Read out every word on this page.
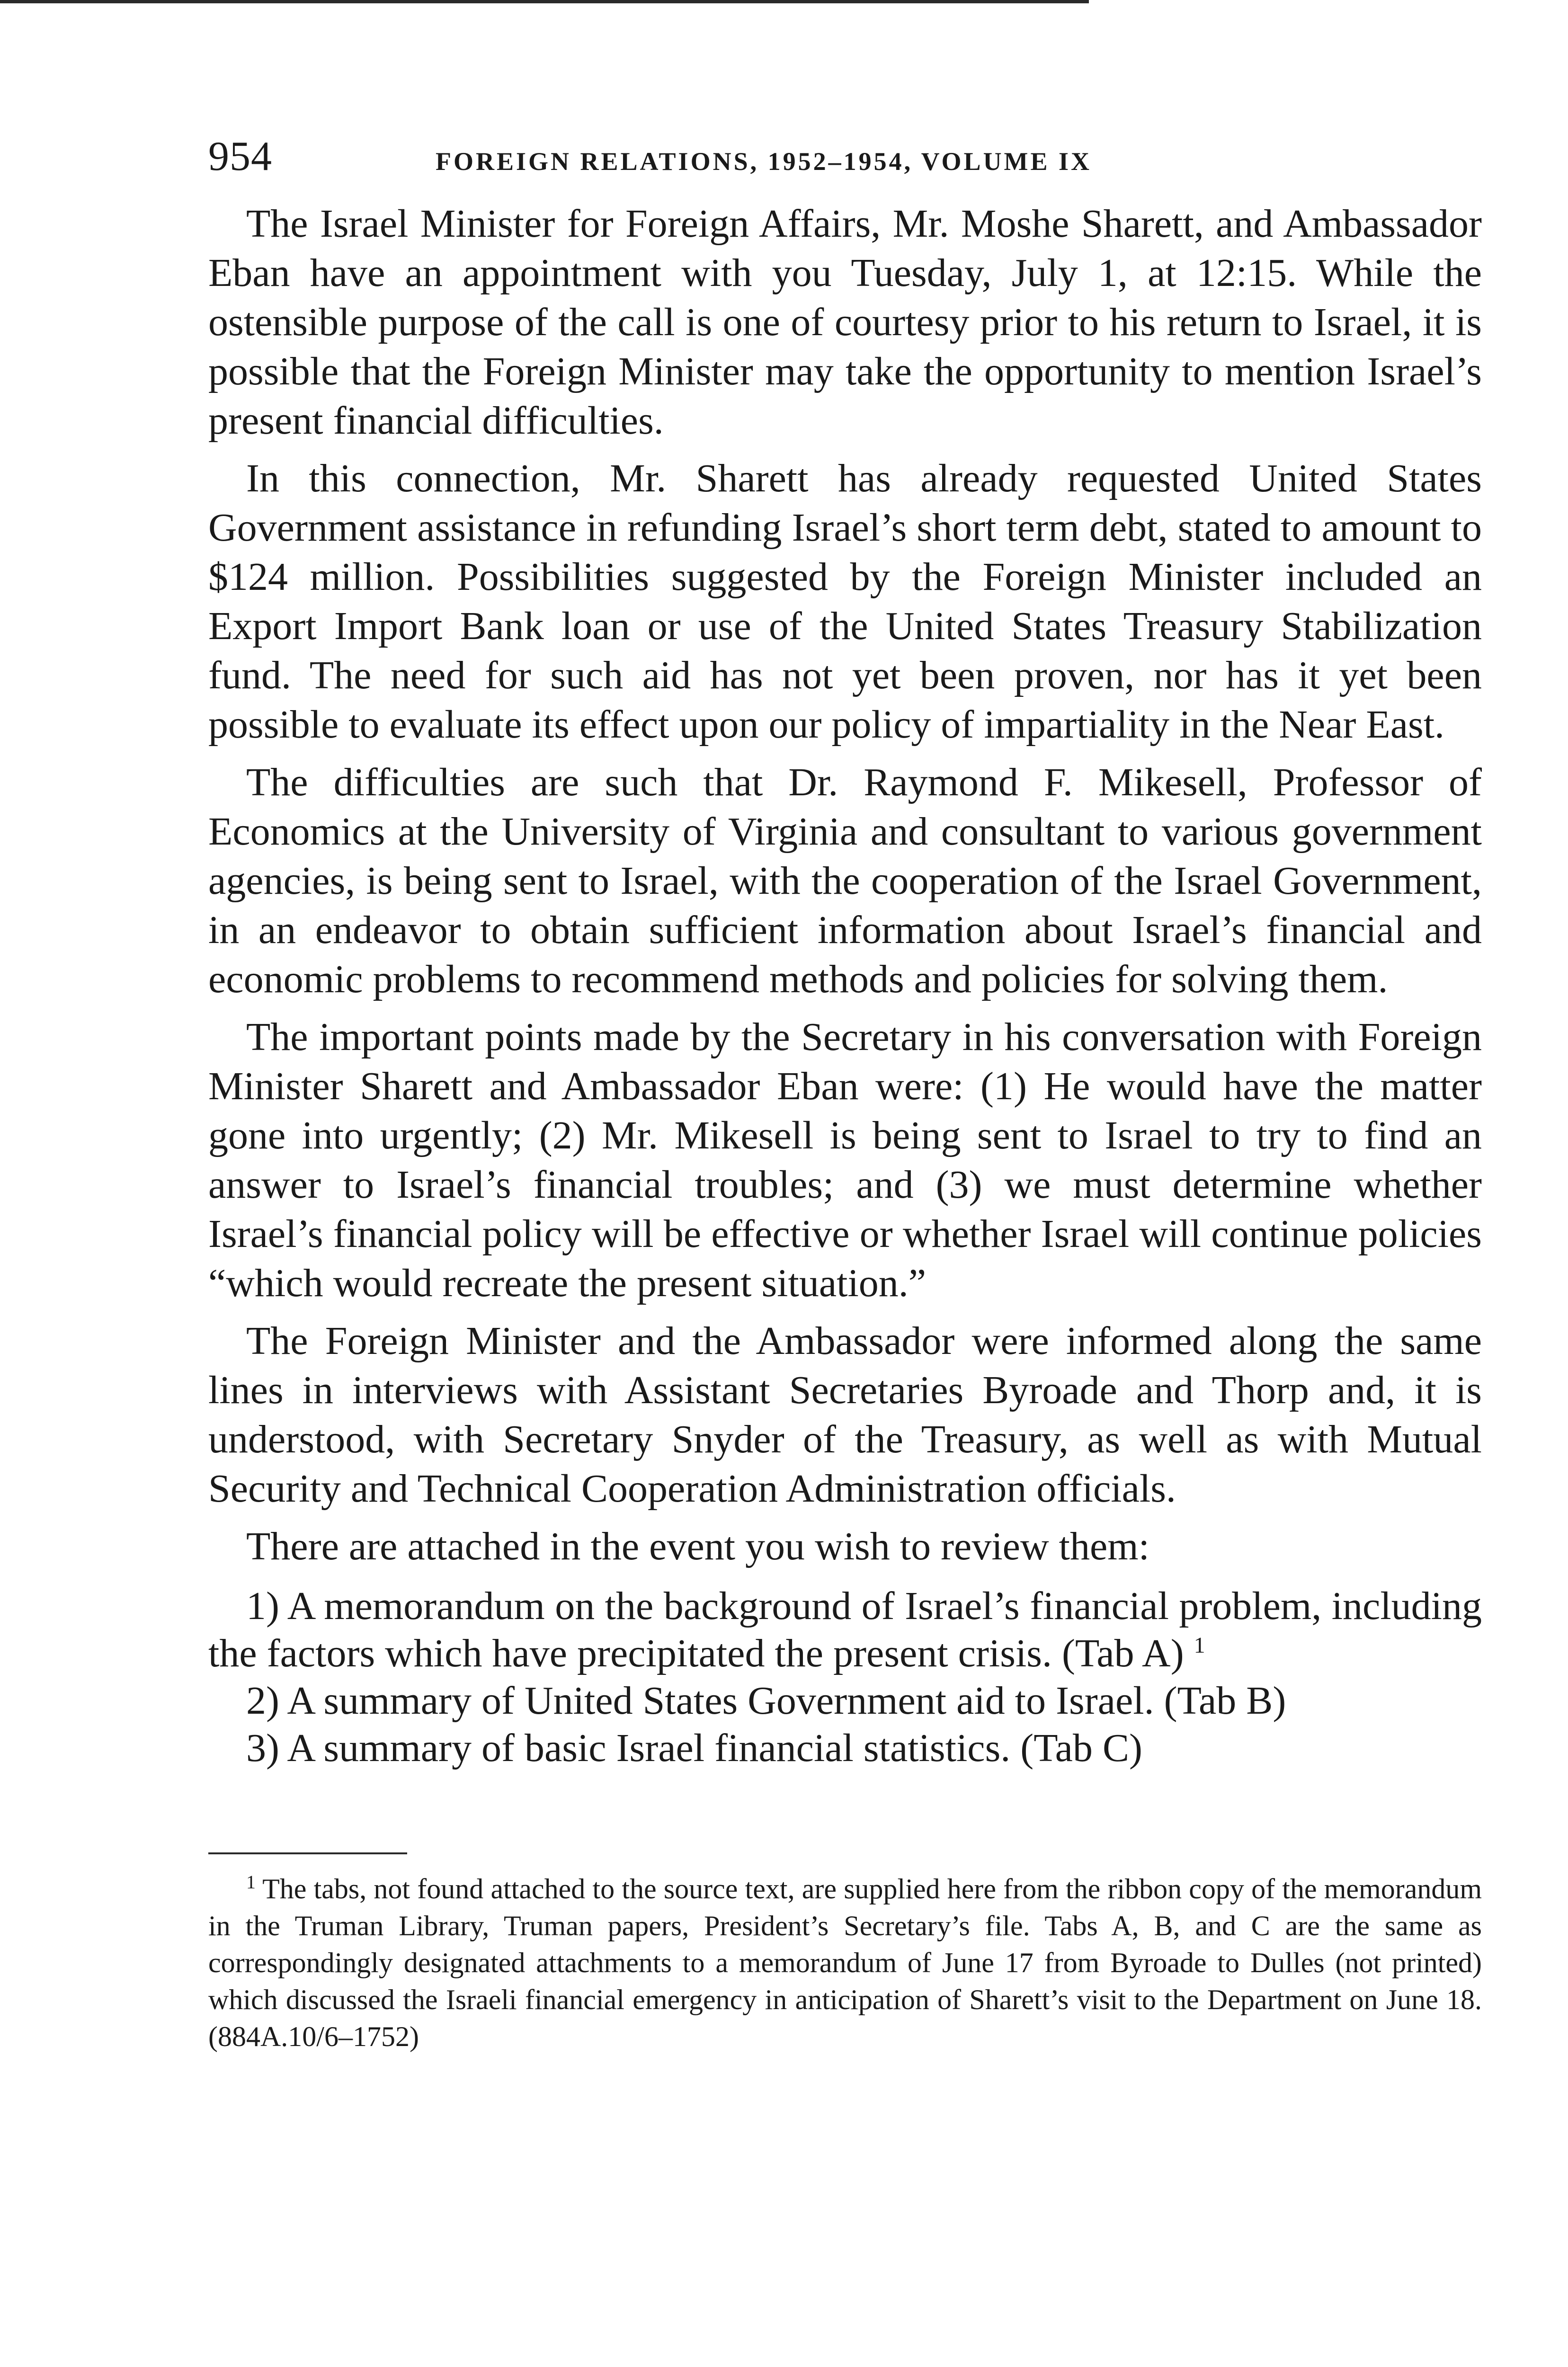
954	FOREIGN RELATIONS, 1952–1954, VOLUME IX

The Israel Minister for Foreign Affairs, Mr. Moshe Sharett, and Ambassador Eban have an appointment with you Tuesday, July 1, at 12:15. While the ostensible purpose of the call is one of courtesy prior to his return to Israel, it is possible that the Foreign Minister may take the opportunity to mention Israel’s present financial difficulties.

In this connection, Mr. Sharett has already requested United States Government assistance in refunding Israel’s short term debt, stated to amount to $124 million. Possibilities suggested by the Foreign Minister included an Export Import Bank loan or use of the United States Treasury Stabilization fund. The need for such aid has not yet been proven, nor has it yet been possible to evaluate its effect upon our policy of impartiality in the Near East.

The difficulties are such that Dr. Raymond F. Mikesell, Professor of Economics at the University of Virginia and consultant to various government agencies, is being sent to Israel, with the cooperation of the Israel Government, in an endeavor to obtain sufficient information about Israel’s financial and economic problems to recommend methods and policies for solving them.

The important points made by the Secretary in his conversation with Foreign Minister Sharett and Ambassador Eban were: (1) He would have the matter gone into urgently; (2) Mr. Mikesell is being sent to Israel to try to find an answer to Israel’s financial troubles; and (3) we must determine whether Israel’s financial policy will be effective or whether Israel will continue policies “which would recreate the present situation.”

The Foreign Minister and the Ambassador were informed along the same lines in interviews with Assistant Secretaries Byroade and Thorp and, it is understood, with Secretary Snyder of the Treasury, as well as with Mutual Security and Technical Cooperation Administration officials.

There are attached in the event you wish to review them:

1) A memorandum on the background of Israel’s financial problem, including the factors which have precipitated the present crisis. (Tab A) $^1$
2) A summary of United States Government aid to Israel. (Tab B)
3) A summary of basic Israel financial statistics. (Tab C)

$^1$ The tabs, not found attached to the source text, are supplied here from the ribbon copy of the memorandum in the Truman Library, Truman papers, President’s Secretary’s file. Tabs A, B, and C are the same as correspondingly designated attachments to a memorandum of June 17 from Byroade to Dulles (not printed) which discussed the Israeli financial emergency in anticipation of Sharett’s visit to the Department on June 18. (884A.10/6–1752)
